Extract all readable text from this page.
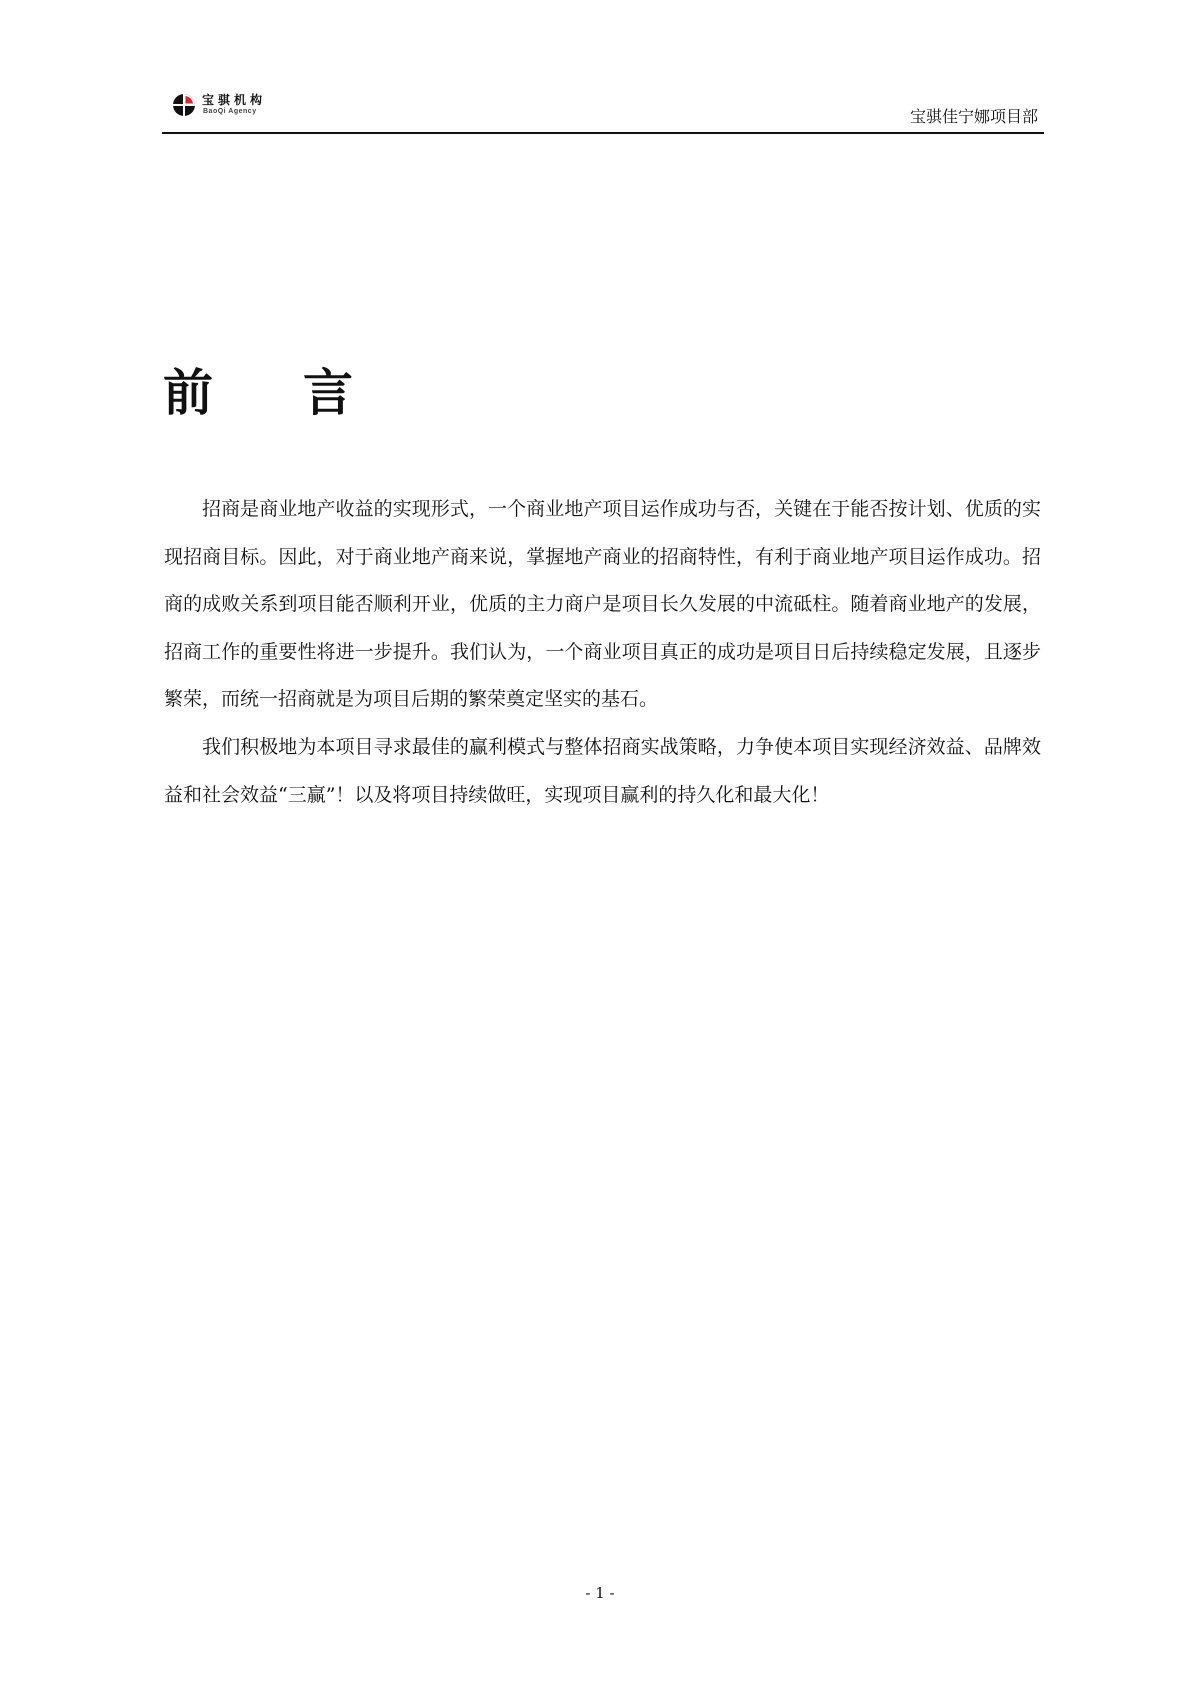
宝骐机构
BaoQi Agency	宝骐佳宁娜项目部
前言

招商是商业地产收益的实现形式，一个商业地产项目运作成功与否，关键在于能否按计划、优质的实现招商目标。因此，对于商业地产商来说，掌握地产商业的招商特性，有利于商业地产项目运作成功。招商的成败关系到项目能否顺利开业，优质的主力商户是项目长久发展的中流砥柱。随着商业地产的发展，招商工作的重要性将进一步提升。我们认为，一个商业项目真正的成功是项目日后持续稳定发展，且逐步繁荣，而统一招商就是为项目后期的繁荣奠定坚实的基石。

我们积极地为本项目寻求最佳的赢利模式与整体招商实战策略，力争使本项目实现经济效益、品牌效益和社会效益“三赢”！以及将项目持续做旺，实现项目赢利的持久化和最大化！

- 1 -
